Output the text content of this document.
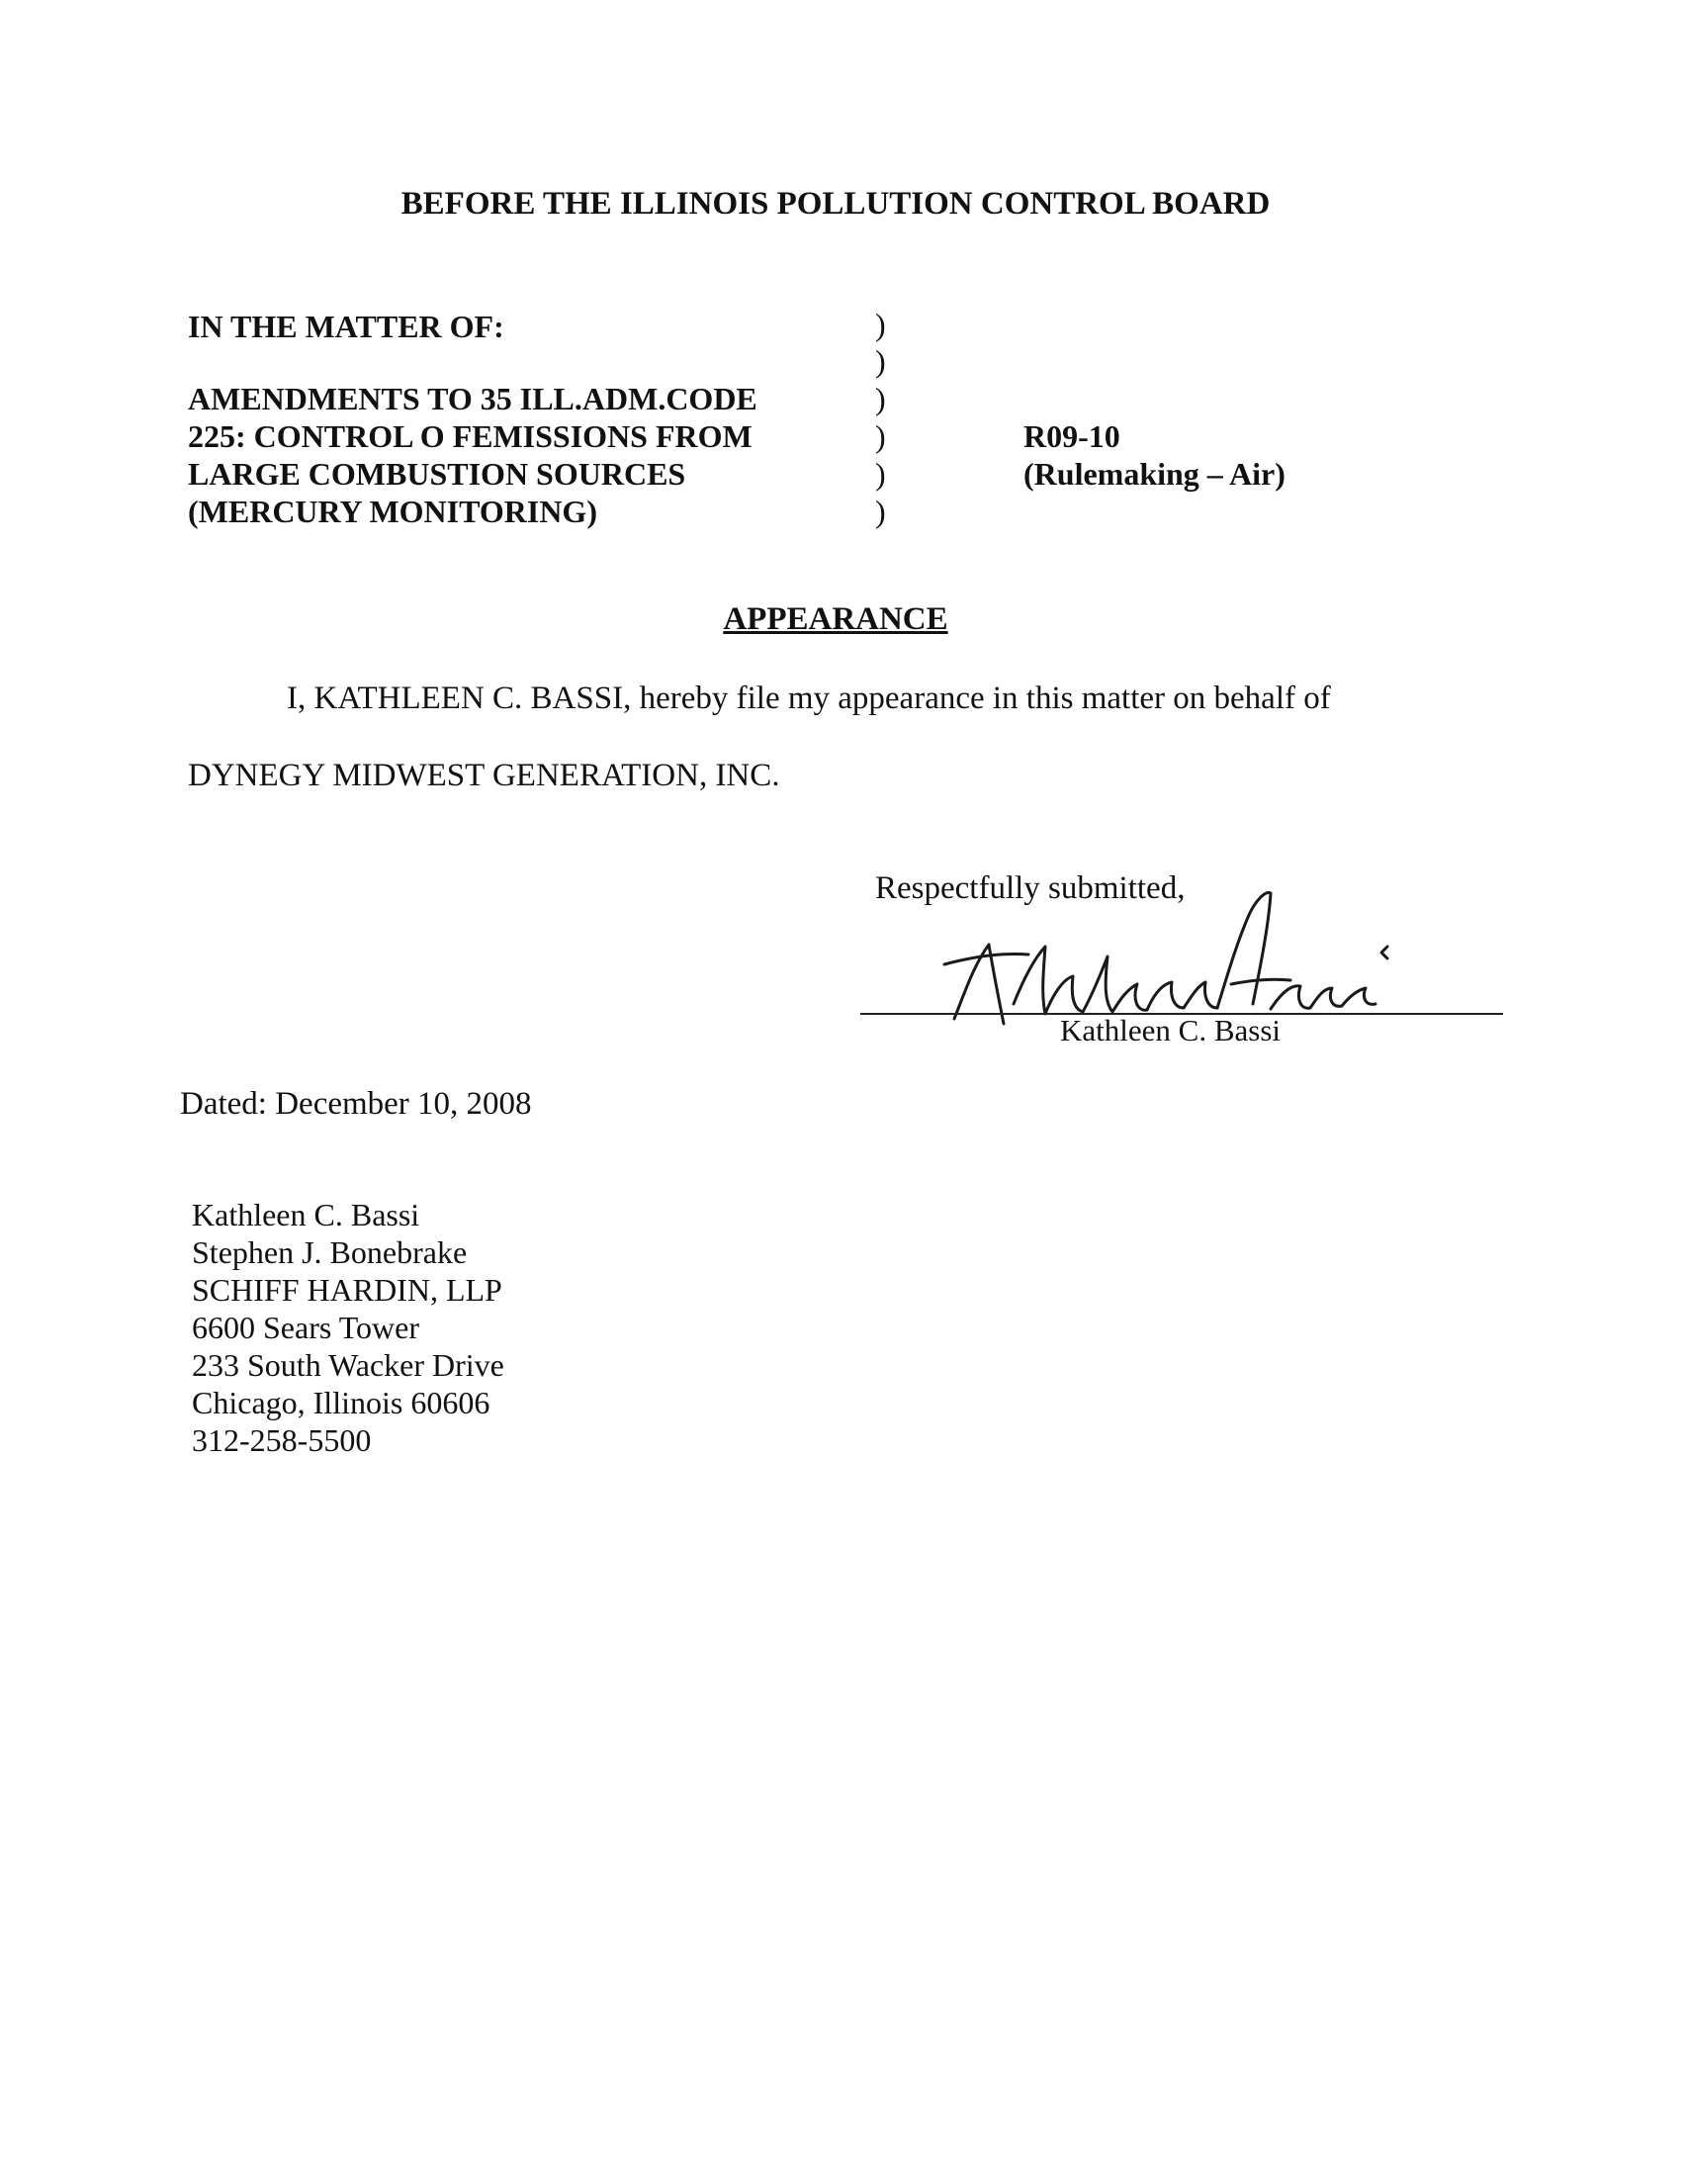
BEFORE THE ILLINOIS POLLUTION CONTROL BOARD
IN THE MATTER OF:
AMENDMENTS TO 35 ILL.ADM.CODE
225: CONTROL O FEMISSIONS FROM
LARGE COMBUSTION SOURCES
(MERCURY MONITORING)
)
)
)
)
)
)
R09-10
(Rulemaking – Air)
APPEARANCE
I, KATHLEEN C. BASSI, hereby file my appearance in this matter on behalf of
DYNEGY MIDWEST GENERATION, INC.
Respectfully submitted,
Kathleen C. Bassi
Dated: December 10, 2008
Kathleen C. Bassi
Stephen J. Bonebrake
SCHIFF HARDIN, LLP
6600 Sears Tower
233 South Wacker Drive
Chicago, Illinois 60606
312-258-5500
